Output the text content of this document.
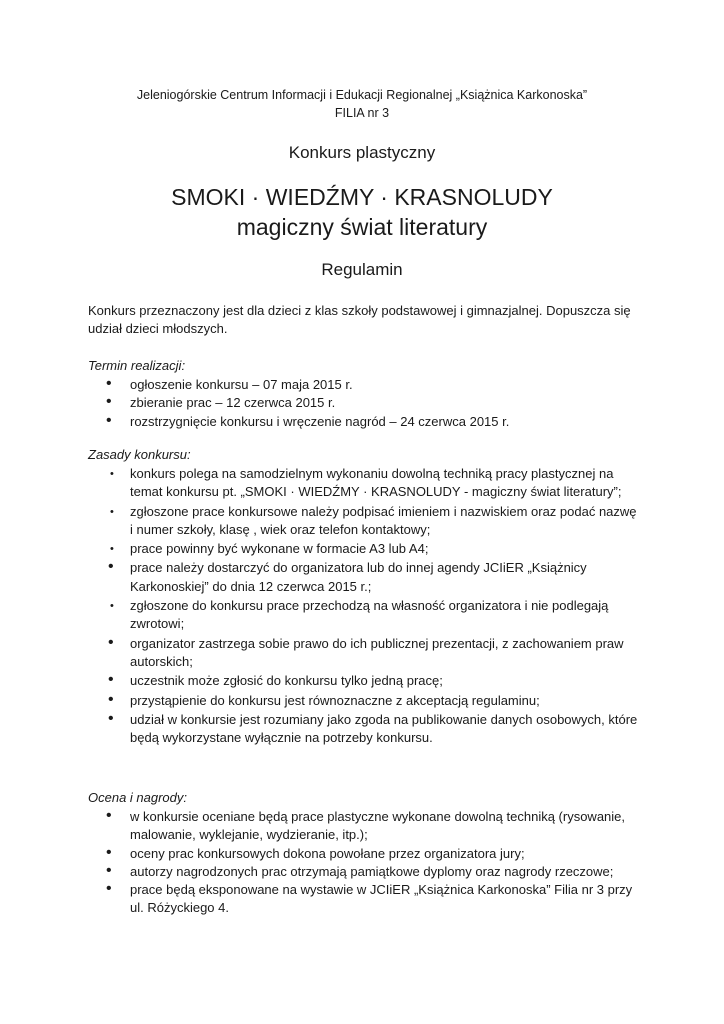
Jeleniogórskie Centrum Informacji i Edukacji Regionalnej „Książnica Karkonoska”
FILIA nr 3
Konkurs plastyczny
SMOKI · WIEDŹMY · KRASNOLUDY
magiczny świat literatury
Regulamin
Konkurs przeznaczony jest dla dzieci z klas szkoły podstawowej i gimnazjalnej. Dopuszcza się udział dzieci młodszych.
Termin realizacji:
• ogłoszenie konkursu – 07 maja 2015 r.
• zbieranie prac – 12 czerwca 2015 r.
• rozstrzygnięcie konkursu i wręczenie nagród – 24 czerwca 2015 r.
Zasady konkursu:
• konkurs polega na samodzielnym wykonaniu dowolną techniką pracy plastycznej na temat konkursu pt. „SMOKI · WIEDŹMY · KRASNOLUDY - magiczny świat literatury”;
• zgłoszone prace konkursowe należy podpisać imieniem i nazwiskiem oraz podać nazwę i numer szkoły, klasę , wiek oraz telefon kontaktowy;
• prace powinny być wykonane w formacie A3 lub A4;
• prace należy dostarczyć do organizatora lub do innej agendy JCIiER „Książnicy Karkonoskiej” do dnia 12 czerwca 2015 r.;
• zgłoszone do konkursu prace przechodzą na własność organizatora i nie podlegają zwrotowi;
• organizator zastrzega sobie prawo do ich publicznej prezentacji, z zachowaniem praw autorskich;
• uczestnik może zgłosić do konkursu tylko jedną pracę;
• przystąpienie do konkursu jest równoznaczne z akceptacją regulaminu;
• udział w konkursie jest rozumiany jako zgoda na publikowanie danych osobowych, które będą wykorzystane wyłącznie na potrzeby konkursu.
Ocena i nagrody:
• w konkursie oceniane będą prace plastyczne wykonane dowolną techniką (rysowanie, malowanie, wyklejanie, wydzieranie, itp.);
• oceny prac konkursowych dokona powołane przez organizatora jury;
• autorzy nagrodzonych prac otrzymają pamiątkowe dyplomy oraz nagrody rzeczowe;
• prace będą eksponowane na wystawie w JCIiER „Książnica Karkonoska” Filia nr 3 przy ul. Różyckiego 4.
